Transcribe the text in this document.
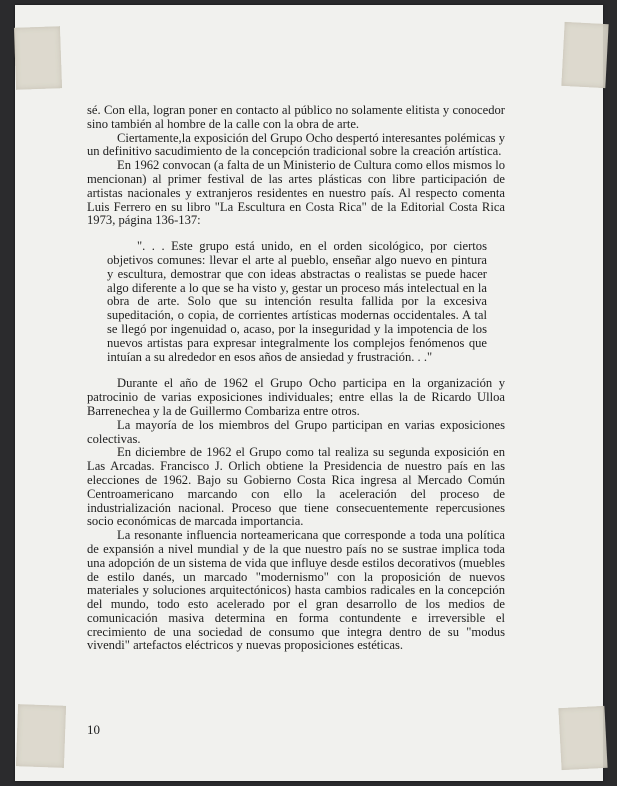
sé. Con ella, logran poner en contacto al público no solamente elitista y conocedor sino también al hombre de la calle con la obra de arte.

Ciertamente,la exposición del Grupo Ocho despertó interesantes polémicas y un definitivo sacudimiento de la concepción tradicional sobre la creación artística.

En 1962 convocan (a falta de un Ministerio de Cultura como ellos mismos lo mencionan) al primer festival de las artes plásticas con libre participación de artistas nacionales y extranjeros residentes en nuestro país. Al respecto comenta Luis Ferrero en su libro "La Escultura en Costa Rica" de la Editorial Costa Rica 1973, página 136-137:

". . . Este grupo está unido, en el orden sicológico, por ciertos objetivos comunes: llevar el arte al pueblo, enseñar algo nuevo en pintura y escultura, demostrar que con ideas abstractas o realistas se puede hacer algo diferente a lo que se ha visto y, gestar un proceso más intelectual en la obra de arte. Solo que su intención resulta fallida por la excesiva supeditación, o copia, de corrientes artísticas modernas occidentales. A tal se llegó por ingenuidad o, acaso, por la inseguridad y la impotencia de los nuevos artistas para expresar integralmente los complejos fenómenos que intuían a su alrededor en esos años de ansiedad y frustración. . ."

Durante el año de 1962 el Grupo Ocho participa en la organización y patrocinio de varias exposiciones individuales; entre ellas la de Ricardo Ulloa Barrenechea y la de Guillermo Combariza entre otros.

La mayoría de los miembros del Grupo participan en varias exposiciones colectivas.

En diciembre de 1962 el Grupo como tal realiza su segunda exposición en Las Arcadas. Francisco J. Orlich obtiene la Presidencia de nuestro país en las elecciones de 1962. Bajo su Gobierno Costa Rica ingresa al Mercado Común Centroamericano marcando con ello la aceleración del proceso de industrialización nacional. Proceso que tiene consecuentemente repercusiones socio económicas de marcada importancia.

La resonante influencia norteamericana que corresponde a toda una política de expansión a nivel mundial y de la que nuestro país no se sustrae implica toda una adopción de un sistema de vida que influye desde estilos decorativos (muebles de estilo danés, un marcado "modernismo" con la proposición de nuevos materiales y soluciones arquitectónicos) hasta cambios radicales en la concepción del mundo, todo esto acelerado por el gran desarrollo de los medios de comunicación masiva determina en forma contundente e irreversible el crecimiento de una sociedad de consumo que integra dentro de su "modus vivendi" artefactos eléctricos y nuevas proposiciones estéticas.

10
